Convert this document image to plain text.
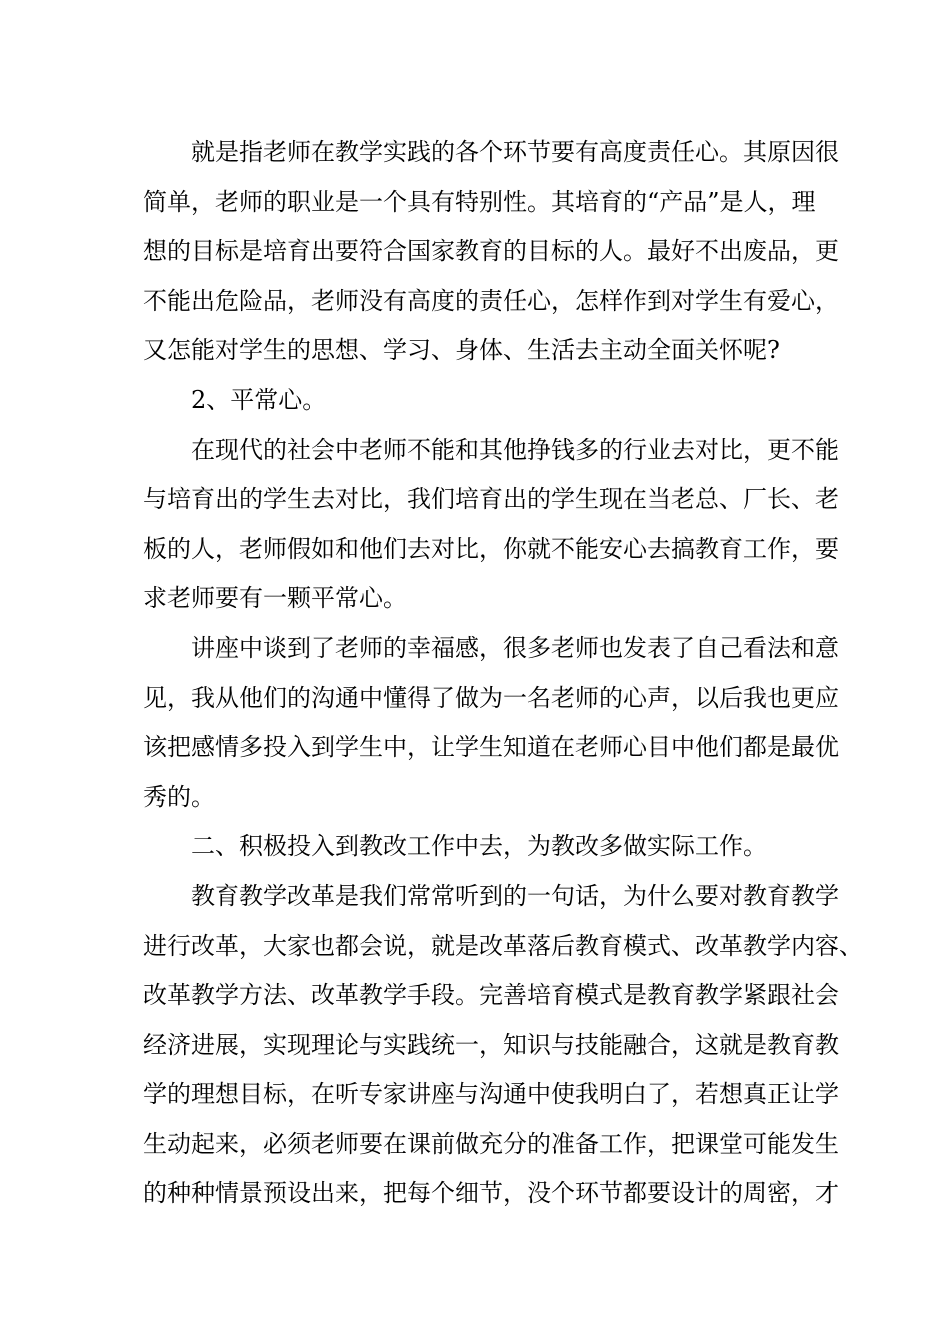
就是指老师在教学实践的各个环节要有高度责任心。其原因很
简单，老师的职业是一个具有特别性。其培育的“产品”是人，理
想的目标是培育出要符合国家教育的目标的人。最好不出废品，更
不能出危险品，老师没有高度的责任心，怎样作到对学生有爱心，
又怎能对学生的思想、学习、身体、生活去主动全面关怀呢?
2、平常心。
在现代的社会中老师不能和其他挣钱多的行业去对比，更不能
与培育出的学生去对比，我们培育出的学生现在当老总、厂长、老
板的人，老师假如和他们去对比，你就不能安心去搞教育工作，要
求老师要有一颗平常心。
讲座中谈到了老师的幸福感，很多老师也发表了自己看法和意
见，我从他们的沟通中懂得了做为一名老师的心声，以后我也更应
该把感情多投入到学生中，让学生知道在老师心目中他们都是最优
秀的。
二、积极投入到教改工作中去，为教改多做实际工作。
教育教学改革是我们常常听到的一句话，为什么要对教育教学
进行改革，大家也都会说，就是改革落后教育模式、改革教学内容、
改革教学方法、改革教学手段。完善培育模式是教育教学紧跟社会
经济进展，实现理论与实践统一，知识与技能融合，这就是教育教
学的理想目标，在听专家讲座与沟通中使我明白了，若想真正让学
生动起来，必须老师要在课前做充分的准备工作，把课堂可能发生
的种种情景预设出来，把每个细节，没个环节都要设计的周密，才
